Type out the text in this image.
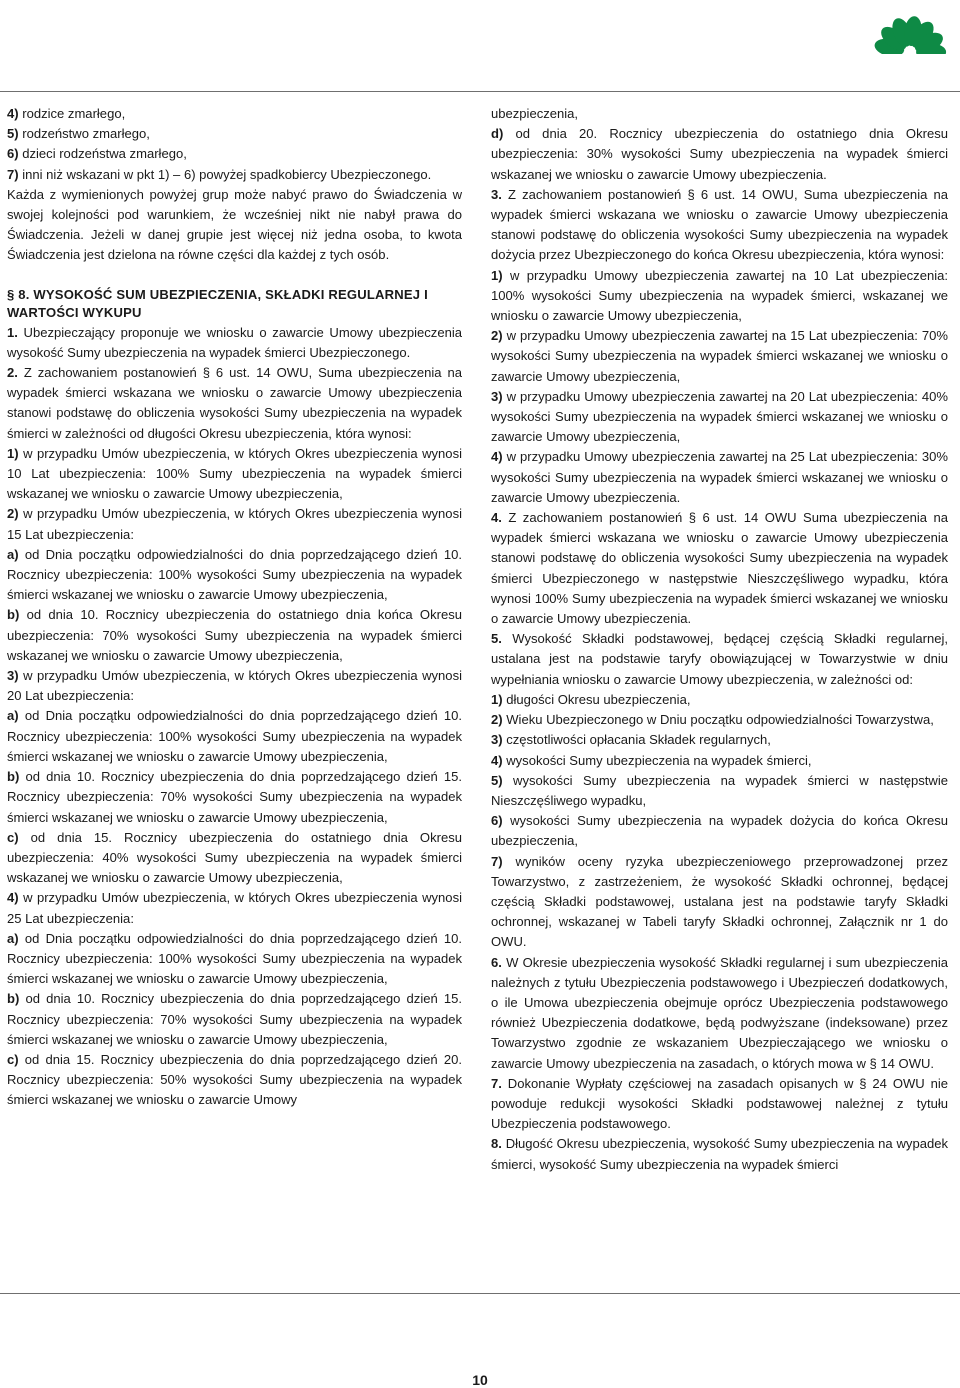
4) rodzice zmarłego,

5) rodzeństwo zmarłego,

6) dzieci rodzeństwa zmarłego,

7) inni niż wskazani w pkt 1) – 6) powyżej spadkobiercy Ubezpieczonego.

Każda z wymienionych powyżej grup może nabyć prawo do Świadczenia w swojej kolejności pod warunkiem, że wcześniej nikt nie nabył prawa do Świadczenia. Jeżeli w danej grupie jest więcej niż jedna osoba, to kwota Świadczenia jest dzielona na równe części dla każdej z tych osób.

§ 8. WYSOKOŚĆ SUM UBEZPIECZENIA, SKŁADKI REGULARNEJ I WARTOŚCI WYKUPU

1. Ubezpieczający proponuje we wniosku o zawarcie Umowy ubezpieczenia wysokość Sumy ubezpieczenia na wypadek śmierci Ubezpieczonego.

2. Z zachowaniem postanowień § 6 ust. 14 OWU, Suma ubezpieczenia na wypadek śmierci wskazana we wniosku o zawarcie Umowy ubezpieczenia stanowi podstawę do obliczenia wysokości Sumy ubezpieczenia na wypadek śmierci w zależności od długości Okresu ubezpieczenia, która wynosi:

1) w przypadku Umów ubezpieczenia, w których Okres ubezpieczenia wynosi 10 Lat ubezpieczenia: 100% Sumy ubezpieczenia na wypadek śmierci wskazanej we wniosku o zawarcie Umowy ubezpieczenia,

2) w przypadku Umów ubezpieczenia, w których Okres ubezpieczenia wynosi 15 Lat ubezpieczenia:

a) od Dnia początku odpowiedzialności do dnia poprzedzającego dzień 10. Rocznicy ubezpieczenia: 100% wysokości Sumy ubezpieczenia na wypadek śmierci wskazanej we wniosku o zawarcie Umowy ubezpieczenia,

b) od dnia 10. Rocznicy ubezpieczenia do ostatniego dnia końca Okresu ubezpieczenia: 70% wysokości Sumy ubezpieczenia na wypadek śmierci wskazanej we wniosku o zawarcie Umowy ubezpieczenia,

3) w przypadku Umów ubezpieczenia, w których Okres ubezpieczenia wynosi 20 Lat ubezpieczenia:

a) od Dnia początku odpowiedzialności do dnia poprzedzającego dzień 10. Rocznicy ubezpieczenia: 100% wysokości Sumy ubezpieczenia na wypadek śmierci wskazanej we wniosku o zawarcie Umowy ubezpieczenia,

b) od dnia 10. Rocznicy ubezpieczenia do dnia poprzedzającego dzień 15. Rocznicy ubezpieczenia: 70% wysokości Sumy ubezpieczenia na wypadek śmierci wskazanej we wniosku o zawarcie Umowy ubezpieczenia,

c) od dnia 15. Rocznicy ubezpieczenia do ostatniego dnia Okresu ubezpieczenia: 40% wysokości Sumy ubezpieczenia na wypadek śmierci wskazanej we wniosku o zawarcie Umowy ubezpieczenia,

4) w przypadku Umów ubezpieczenia, w których Okres ubezpieczenia wynosi 25 Lat ubezpieczenia:

a) od Dnia początku odpowiedzialności do dnia poprzedzającego dzień 10. Rocznicy ubezpieczenia: 100% wysokości Sumy ubezpieczenia na wypadek śmierci wskazanej we wniosku o zawarcie Umowy ubezpieczenia,

b) od dnia 10. Rocznicy ubezpieczenia do dnia poprzedzającego dzień 15. Rocznicy ubezpieczenia: 70% wysokości Sumy ubezpieczenia na wypadek śmierci wskazanej we wniosku o zawarcie Umowy ubezpieczenia,

c) od dnia 15. Rocznicy ubezpieczenia do dnia poprzedzającego dzień 20. Rocznicy ubezpieczenia: 50% wysokości Sumy ubezpieczenia na wypadek śmierci wskazanej we wniosku o zawarcie Umowy

ubezpieczenia,

d) od dnia 20. Rocznicy ubezpieczenia do ostatniego dnia Okresu ubezpieczenia: 30% wysokości Sumy ubezpieczenia na wypadek śmierci wskazanej we wniosku o zawarcie Umowy ubezpieczenia.

3. Z zachowaniem postanowień § 6 ust. 14 OWU, Suma ubezpieczenia na wypadek śmierci wskazana we wniosku o zawarcie Umowy ubezpieczenia stanowi podstawę do obliczenia wysokości Sumy ubezpieczenia na wypadek dożycia przez Ubezpieczonego do końca Okresu ubezpieczenia, która wynosi:

1) w przypadku Umowy ubezpieczenia zawartej na 10 Lat ubezpieczenia: 100% wysokości Sumy ubezpieczenia na wypadek śmierci, wskazanej we wniosku o zawarcie Umowy ubezpieczenia,

2) w przypadku Umowy ubezpieczenia zawartej na 15 Lat ubezpieczenia: 70% wysokości Sumy ubezpieczenia na wypadek śmierci wskazanej we wniosku o zawarcie Umowy ubezpieczenia,

3) w przypadku Umowy ubezpieczenia zawartej na 20 Lat ubezpieczenia: 40% wysokości Sumy ubezpieczenia na wypadek śmierci wskazanej we wniosku o zawarcie Umowy ubezpieczenia,

4) w przypadku Umowy ubezpieczenia zawartej na 25 Lat ubezpieczenia: 30% wysokości Sumy ubezpieczenia na wypadek śmierci wskazanej we wniosku o zawarcie Umowy ubezpieczenia.

4. Z zachowaniem postanowień § 6 ust. 14 OWU Suma ubezpieczenia na wypadek śmierci wskazana we wniosku o zawarcie Umowy ubezpieczenia stanowi podstawę do obliczenia wysokości Sumy ubezpieczenia na wypadek śmierci Ubezpieczonego w następstwie Nieszczęśliwego wypadku, która wynosi 100% Sumy ubezpieczenia na wypadek śmierci wskazanej we wniosku o zawarcie Umowy ubezpieczenia.

5. Wysokość Składki podstawowej, będącej częścią Składki regularnej, ustalana jest na podstawie taryfy obowiązującej w Towarzystwie w dniu wypełniania wniosku o zawarcie Umowy ubezpieczenia, w zależności od:

1) długości Okresu ubezpieczenia,

2) Wieku Ubezpieczonego w Dniu początku odpowiedzialności Towarzystwa,

3) częstotliwości opłacania Składek regularnych,

4) wysokości Sumy ubezpieczenia na wypadek śmierci,

5) wysokości Sumy ubezpieczenia na wypadek śmierci w następstwie Nieszczęśliwego wypadku,

6) wysokości Sumy ubezpieczenia na wypadek dożycia do końca Okresu ubezpieczenia,

7) wyników oceny ryzyka ubezpieczeniowego przeprowadzonej przez Towarzystwo, z zastrzeżeniem, że wysokość Składki ochronnej, będącej częścią Składki podstawowej, ustalana jest na podstawie taryfy Składki ochronnej, wskazanej w Tabeli taryfy Składki ochronnej, Załącznik nr 1 do OWU.

6. W Okresie ubezpieczenia wysokość Składki regularnej i sum ubezpieczenia należnych z tytułu Ubezpieczenia podstawowego i Ubezpieczeń dodatkowych, o ile Umowa ubezpieczenia obejmuje oprócz Ubezpieczenia podstawowego również Ubezpieczenia dodatkowe, będą podwyższane (indeksowane) przez Towarzystwo zgodnie ze wskazaniem Ubezpieczającego we wniosku o zawarcie Umowy ubezpieczenia na zasadach, o których mowa w § 14 OWU.

7. Dokonanie Wypłaty częściowej na zasadach opisanych w § 24 OWU nie powoduje redukcji wysokości Składki podstawowej należnej z tytułu Ubezpieczenia podstawowego.

8. Długość Okresu ubezpieczenia, wysokość Sumy ubezpieczenia na wypadek śmierci, wysokość Sumy ubezpieczenia na wypadek śmierci

10
